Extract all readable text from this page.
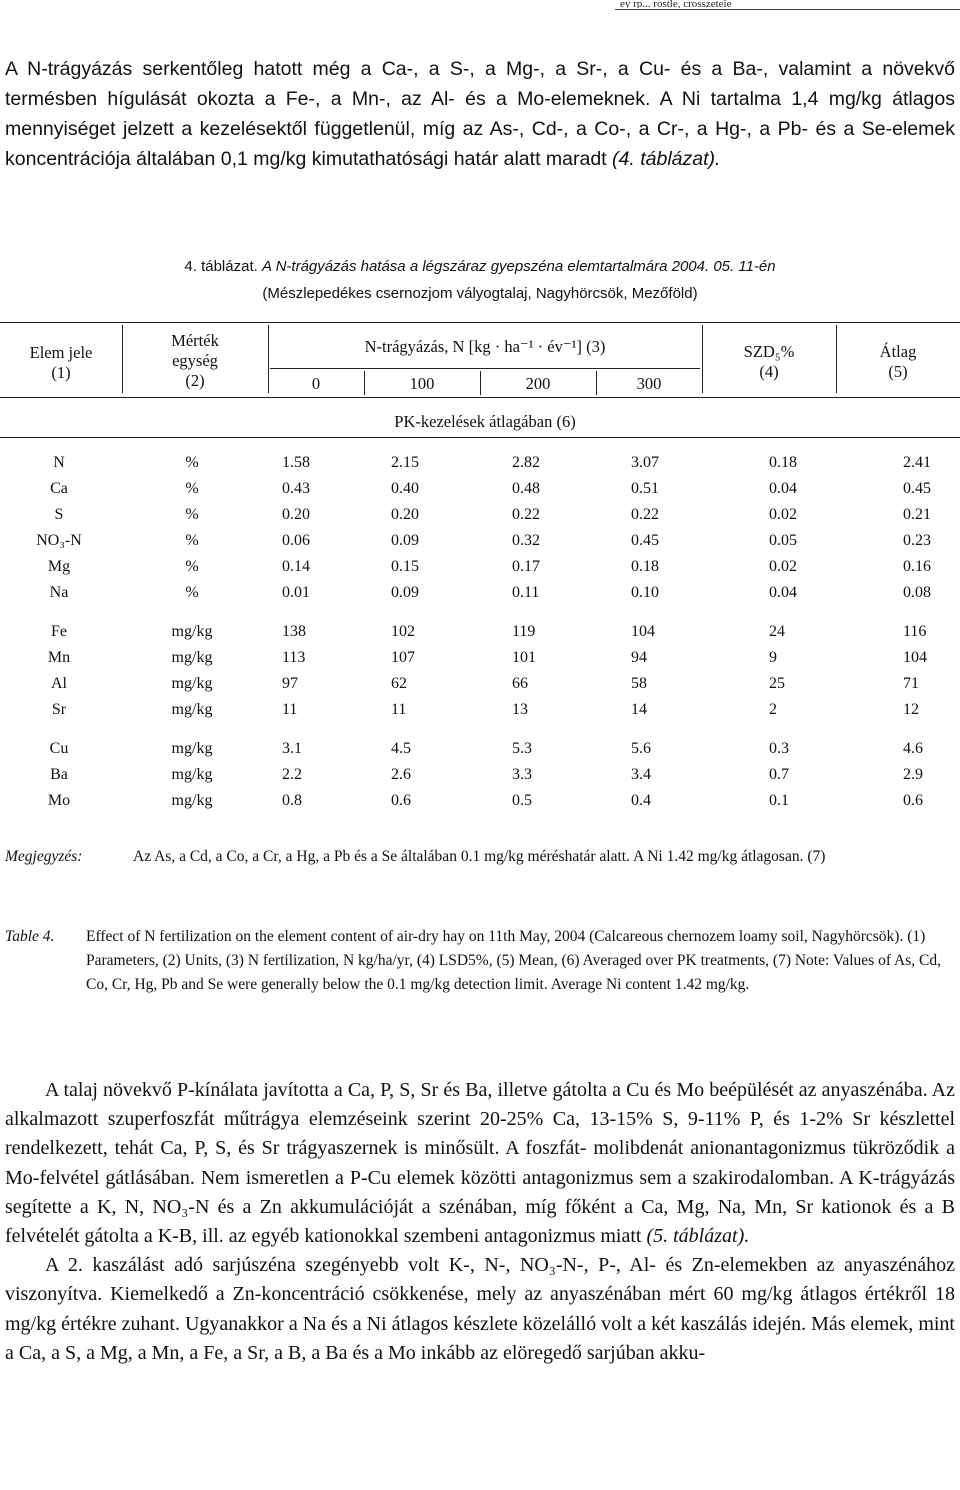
ey rp... rostle, crosszeteie

A N-trágyázás serkentőleg hatott még a Ca-, a S-, a Mg-, a Sr-, a Cu- és a Ba-, valamint a növekvő termésben hígulását okozta a Fe-, a Mn-, az Al- és a Mo-elemeknek. A Ni tartalma 1,4 mg/kg átlagos mennyiséget jelzett a kezelésektől függetlenül, míg az As-, Cd-, a Co-, a Cr-, a Hg-, a Pb- és a Se-elemek koncentrációja általában 0,1 mg/kg kimutathatósági határ alatt maradt (4. táblázat).

4. táblázat. A N-trágyázás hatása a légszáraz gyepszéna elemtartalmára 2004. 05. 11-én
(Mészlepedékes csernozjom vályogtalaj, Nagyhörcsök, Mezőföld)
Elem jele
(1)
Mérték
egység
(2)
N-trágyázás, N [kg · ha⁻¹ · év⁻¹] (3)
0	100	200	300
SZD₅%
(4)
Átlag
(5)
PK-kezelések átlagában (6)
N	%	1.58	2.15	2.82	3.07	0.18	2.41
Ca	%	0.43	0.40	0.48	0.51	0.04	0.45
S	%	0.20	0.20	0.22	0.22	0.02	0.21
NO₃-N	%	0.06	0.09	0.32	0.45	0.05	0.23
Mg	%	0.14	0.15	0.17	0.18	0.02	0.16
Na	%	0.01	0.09	0.11	0.10	0.04	0.08

Fe	mg/kg	138	102	119	104	24	116
Mn	mg/kg	113	107	101	94	9	104
Al	mg/kg	97	62	66	58	25	71
Sr	mg/kg	11	11	13	14	2	12

Cu	mg/kg	3.1	4.5	5.3	5.6	0.3	4.6
Ba	mg/kg	2.2	2.6	3.3	3.4	0.7	2.9
Mo	mg/kg	0.8	0.6	0.5	0.4	0.1	0.6
Megjegyzés:	Az As, a Cd, a Co, a Cr, a Hg, a Pb és a Se általában 0.1 mg/kg méréshatár alatt. A Ni 1.42 mg/kg átlagosan. (7)
Table 4.	Effect of N fertilization on the element content of air-dry hay on 11th May, 2004 (Calcareous chernozem loamy soil, Nagyhörcsök). (1) Parameters, (2) Units, (3) N fertilization, N kg/ha/yr, (4) LSD5%, (5) Mean, (6) Averaged over PK treatments, (7) Note: Values of As, Cd, Co, Cr, Hg, Pb and Se were generally below the 0.1 mg/kg detection limit. Average Ni content 1.42 mg/kg.

A talaj növekvő P-kínálata javította a Ca, P, S, Sr és Ba, illetve gátolta a Cu és Mo beépülését az anyaszénába. Az alkalmazott szuperfoszfát műtrágya elemzéseink szerint 20-25% Ca, 13-15% S, 9-11% P, és 1-2% Sr készlettel rendelkezett, tehát Ca, P, S, és Sr trágyaszernek is minősült. A foszfát- molibdenát anionantagonizmus tükröződik a Mo-felvétel gátlásában. Nem ismeretlen a P-Cu elemek közötti antagonizmus sem a szakirodalomban. A K-trágyázás segítette a K, N, NO₃-N és a Zn akkumulációját a szénában, míg főként a Ca, Mg, Na, Mn, Sr kationok és a B felvételét gátolta a K-B, ill. az egyéb kationokkal szembeni antagonizmus miatt (5. táblázat).

A 2. kaszálást adó sarjúszéna szegényebb volt K-, N-, NO₃-N-, P-, Al- és Zn-elemekben az anyaszénához viszonyítva. Kiemelkedő a Zn-koncentráció csökkenése, mely az anyaszénában mért 60 mg/kg átlagos értékről 18 mg/kg értékre zuhant. Ugyanakkor a Na és a Ni átlagos készlete közelálló volt a két kaszálás idején. Más elemek, mint a Ca, a S, a Mg, a Mn, a Fe, a Sr, a B, a Ba és a Mo inkább az elöregedő sarjúban akku-
